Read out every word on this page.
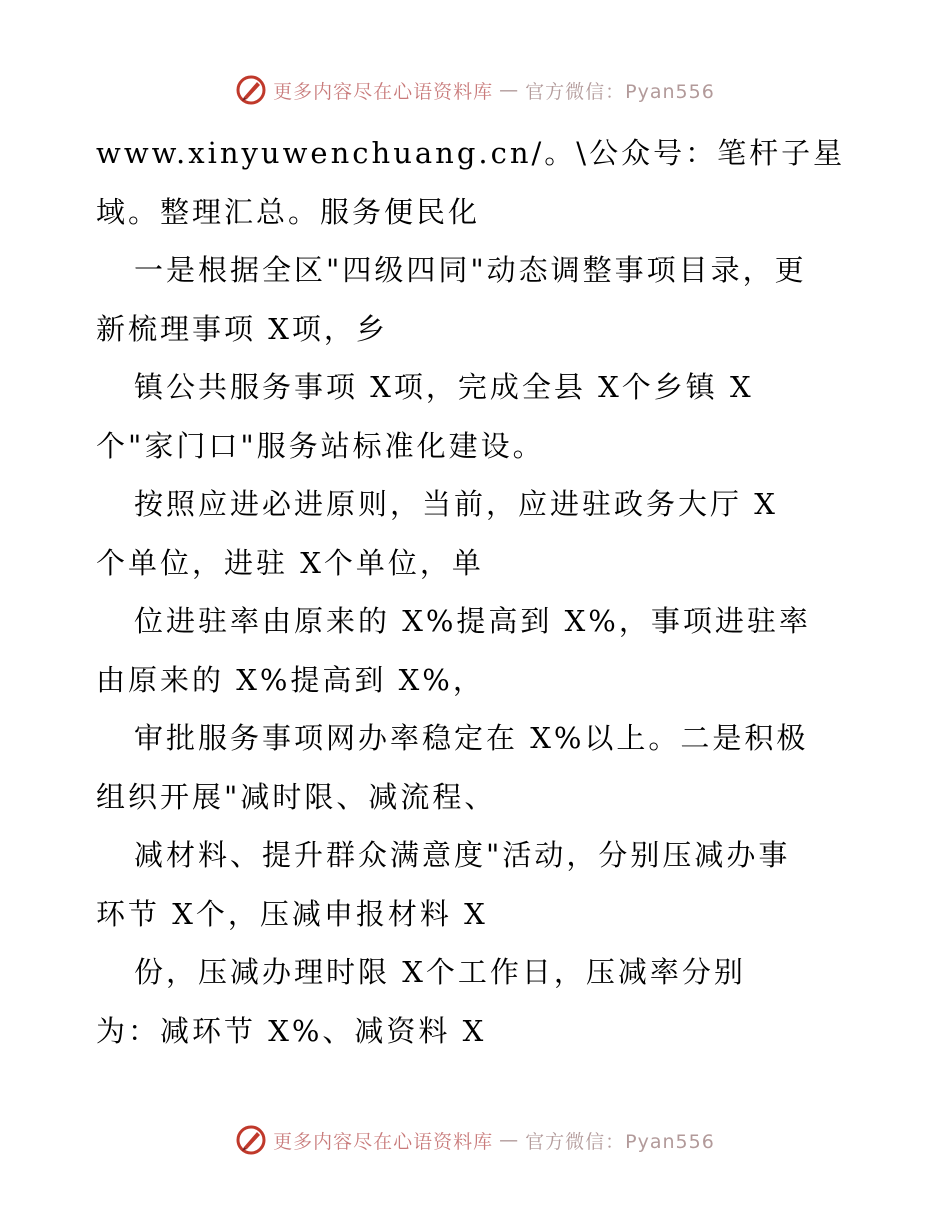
更多内容尽在心语资料库 — 官方微信：Pyan556
www.xinyuwenchuang.cn/。\公众号：笔杆子星
域。整理汇总。服务便民化
一是根据全区"四级四同"动态调整事项目录，更
新梳理事项 X项，乡
镇公共服务事项 X项，完成全县 X个乡镇 X
个"家门口"服务站标准化建设。
按照应进必进原则，当前，应进驻政务大厅 X
个单位，进驻 X个单位，单
位进驻率由原来的 X%提高到 X%，事项进驻率
由原来的 X%提高到 X%，
审批服务事项网办率稳定在 X%以上。二是积极
组织开展"减时限、减流程、
减材料、提升群众满意度"活动，分别压减办事
环节 X个，压减申报材料 X
份，压减办理时限 X个工作日，压减率分别
为：减环节 X%、减资料 X
更多内容尽在心语资料库 — 官方微信：Pyan556
